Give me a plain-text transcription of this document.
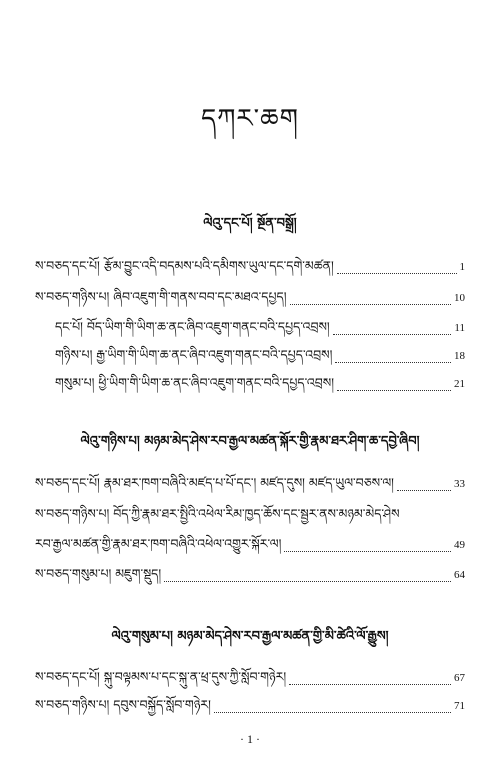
དཀར་ཆག
ལེའུ་དང་པོ། སྔོན་བསྒྲོ།
ས་བཅད་དང་པོ། རྩོམ་བྱུང་འདི་བདམས་པའི་དམིགས་ཡུལ་དང་དགེ་མཚན།	1
ས་བཅད་གཉིས་པ། ཞིབ་འཇུག་གི་གནས་བབ་དང་མཐའ་དཔྱད།	10
དང་པོ། བོད་ཡིག་གི་ཡིག་ཆ་ནང་ཞིབ་འཇུག་གནང་བའི་དཔྱད་འབྲས།	11
གཉིས་པ། རྒྱ་ཡིག་གི་ཡིག་ཆ་ནང་ཞིབ་འཇུག་གནང་བའི་དཔྱད་འབྲས།	18
གསུམ་པ། ཕྱི་ཡིག་གི་ཡིག་ཆ་ནང་ཞིབ་འཇུག་གནང་བའི་དཔྱད་འབྲས།	21
ལེའུ་གཉིས་པ། མཉམ་མེད་ཤེས་རབ་རྒྱལ་མཚན་སྐོར་གྱི་རྣམ་ཐར་ཤིག་ཆ་དབྱེ་ཞིབ།
ས་བཅད་དང་པོ། རྣམ་ཐར་ཁག་བཞིའི་མཛད་པ་པོ་དང་། མཛད་དུས། མཛད་ཡུལ་བཅས་ལ།	33
ས་བཅད་གཉིས་པ། བོད་ཀྱི་རྣམ་ཐར་སྤྱིའི་འཕེལ་རིམ་ཁྱད་ཆོས་དང་སྦྱར་ནས་མཉམ་མེད་ཤེས
རབ་རྒྱལ་མཚན་གྱི་རྣམ་ཐར་ཁག་བཞིའི་འཕེལ་འགྱུར་སྐོར་ལ།	49
ས་བཅད་གསུམ་པ། མཇུག་སྡུད།	64
ལེའུ་གསུམ་པ། མཉམ་མེད་ཤེས་རབ་རྒྱལ་མཚན་གྱི་མི་ཚེའི་ལོ་རྒྱུས།
ས་བཅད་དང་པོ། སྐུ་བལྟམས་པ་དང་སྐུ་ན་ཕྲ་དུས་ཀྱི་སློབ་གཉེར།	67
ས་བཅད་གཉིས་པ། དབུས་བསྐྱོད་སློབ་གཉེར།	71
· 1 ·
